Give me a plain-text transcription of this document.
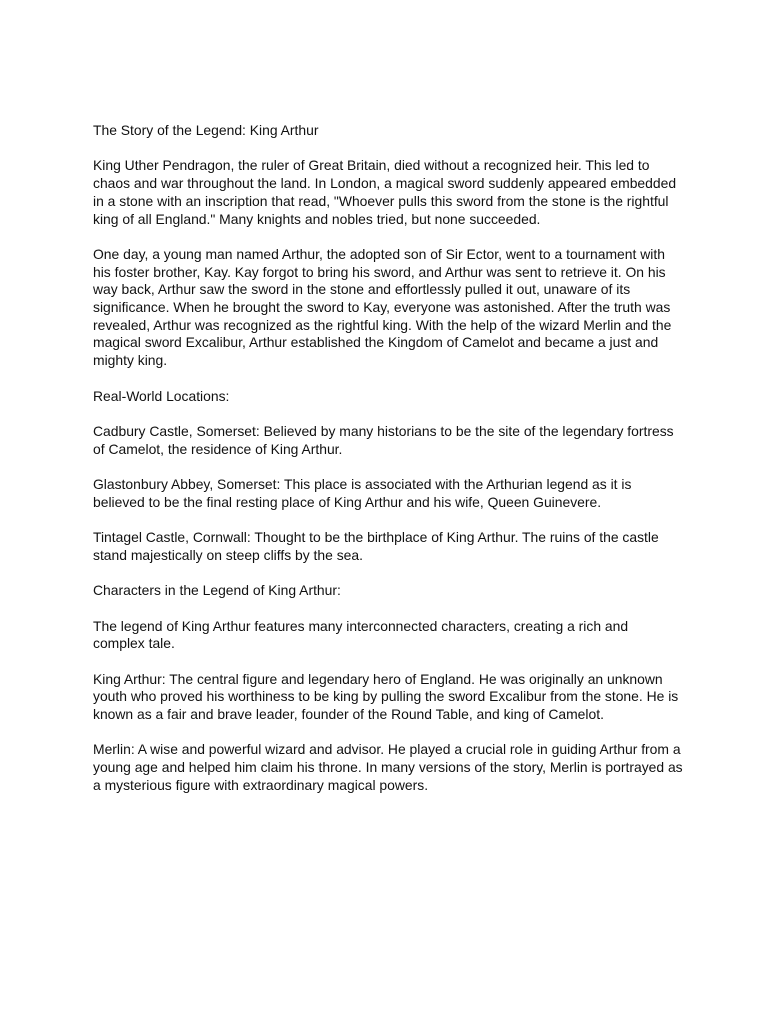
The Story of the Legend: King Arthur

King Uther Pendragon, the ruler of Great Britain, died without a recognized heir. This led to chaos and war throughout the land. In London, a magical sword suddenly appeared embedded in a stone with an inscription that read, "Whoever pulls this sword from the stone is the rightful king of all England." Many knights and nobles tried, but none succeeded.

One day, a young man named Arthur, the adopted son of Sir Ector, went to a tournament with his foster brother, Kay. Kay forgot to bring his sword, and Arthur was sent to retrieve it. On his way back, Arthur saw the sword in the stone and effortlessly pulled it out, unaware of its significance. When he brought the sword to Kay, everyone was astonished. After the truth was revealed, Arthur was recognized as the rightful king. With the help of the wizard Merlin and the magical sword Excalibur, Arthur established the Kingdom of Camelot and became a just and mighty king.

Real-World Locations:

Cadbury Castle, Somerset: Believed by many historians to be the site of the legendary fortress of Camelot, the residence of King Arthur.

Glastonbury Abbey, Somerset: This place is associated with the Arthurian legend as it is believed to be the final resting place of King Arthur and his wife, Queen Guinevere.

Tintagel Castle, Cornwall: Thought to be the birthplace of King Arthur. The ruins of the castle stand majestically on steep cliffs by the sea.

Characters in the Legend of King Arthur:

The legend of King Arthur features many interconnected characters, creating a rich and complex tale.

King Arthur: The central figure and legendary hero of England. He was originally an unknown youth who proved his worthiness to be king by pulling the sword Excalibur from the stone. He is known as a fair and brave leader, founder of the Round Table, and king of Camelot.

Merlin: A wise and powerful wizard and advisor. He played a crucial role in guiding Arthur from a young age and helped him claim his throne. In many versions of the story, Merlin is portrayed as a mysterious figure with extraordinary magical powers.
